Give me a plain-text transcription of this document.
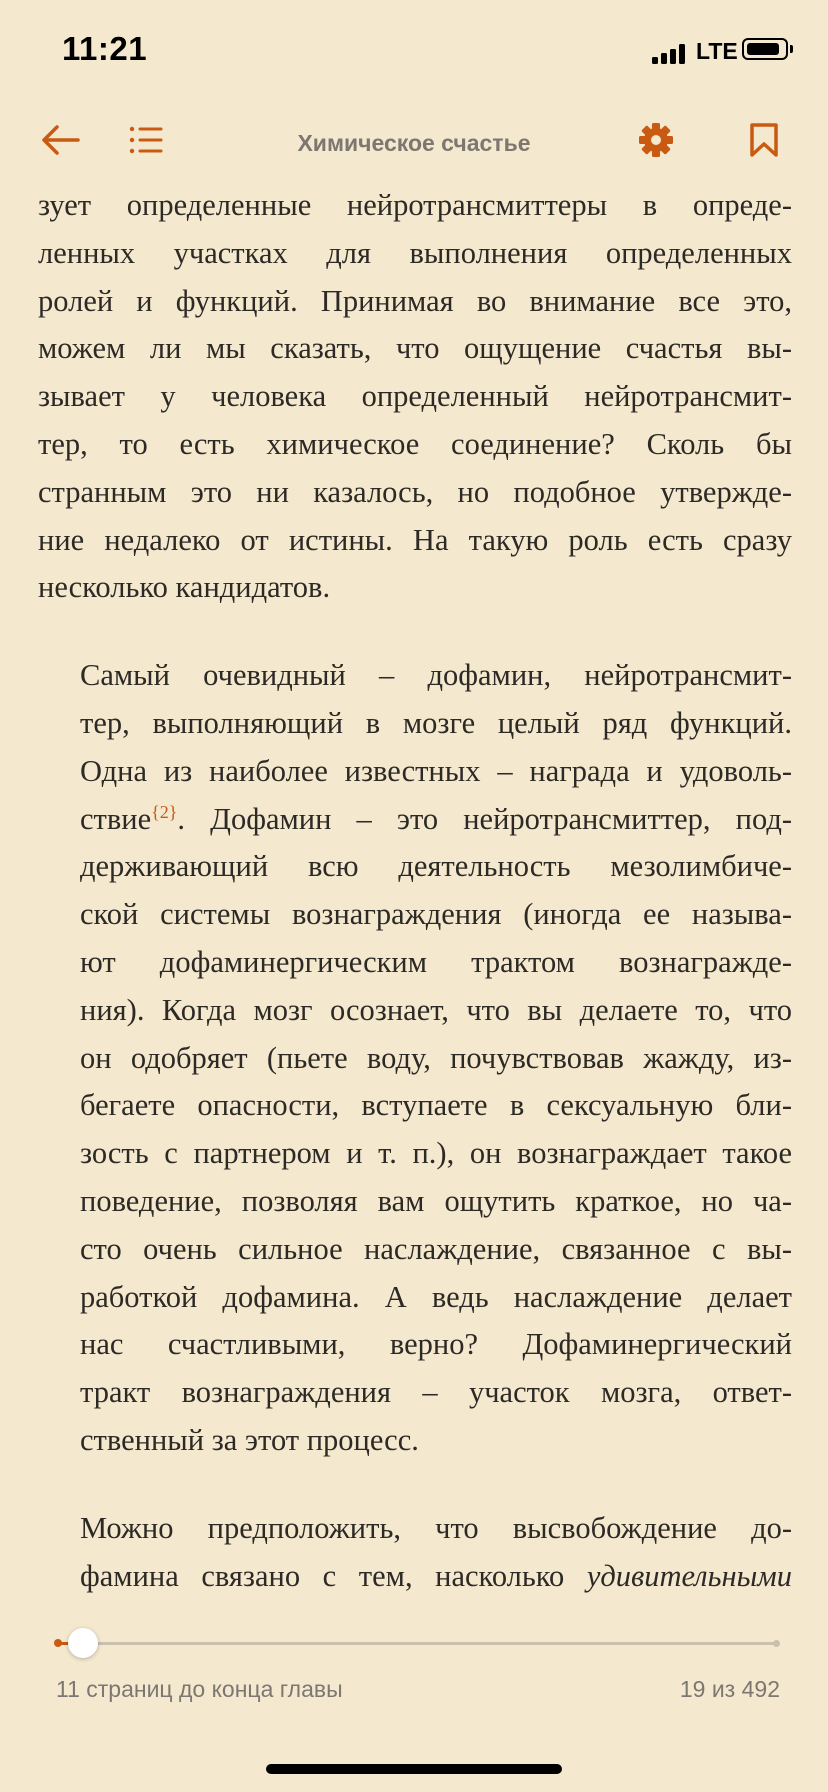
11:21	LTE
Химическое счастье
зует определенные нейротрансмиттеры в опреде-
ленных участках для выполнения определенных
ролей и функций. Принимая во внимание все это,
можем ли мы сказать, что ощущение счастья вы-
зывает у человека определенный нейротрансмит-
тер, то есть химическое соединение? Сколь бы
странным это ни казалось, но подобное утвержде-
ние недалеко от истины. На такую роль есть сразу
несколько кандидатов.
Самый очевидный – дофамин, нейротрансмит-
тер, выполняющий в мозге целый ряд функций.
Одна из наиболее известных – награда и удоволь-
ствие$^{\{2\}}$. Дофамин – это нейротрансмиттер, под-
держивающий всю деятельность мезолимбиче-
ской системы вознаграждения (иногда ее называ-
ют дофаминергическим трактом вознагражде-
ния). Когда мозг осознает, что вы делаете то, что
он одобряет (пьете воду, почувствовав жажду, из-
бегаете опасности, вступаете в сексуальную бли-
зость с партнером и т. п.), он вознаграждает такое
поведение, позволяя вам ощутить краткое, но ча-
сто очень сильное наслаждение, связанное с вы-
работкой дофамина. А ведь наслаждение делает
нас счастливыми, верно? Дофаминергический
тракт вознаграждения – участок мозга, ответ-
ственный за этот процесс.
Можно предположить, что высвобождение до-
фамина связано с тем, насколько удивительными
11 страниц до конца главы	19 из 492
